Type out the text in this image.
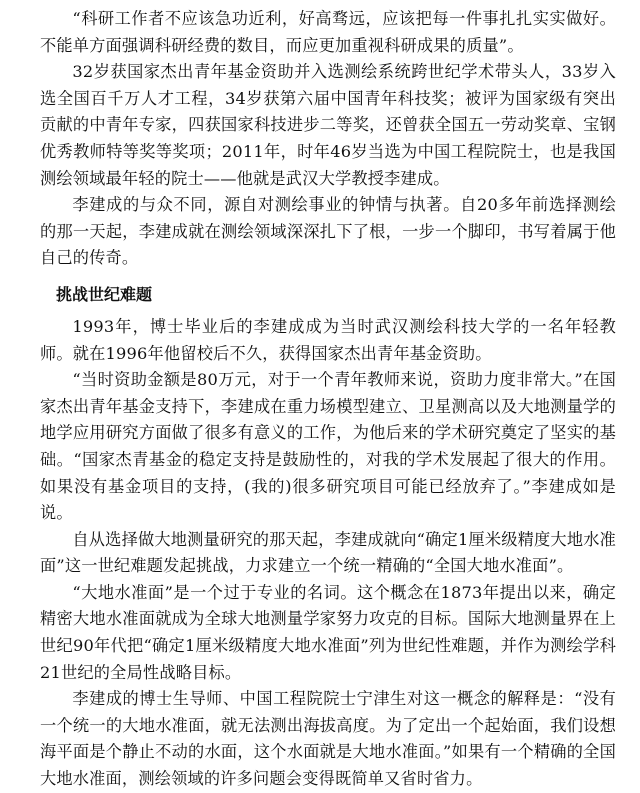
“科研工作者不应该急功近利，好高骛远，应该把每一件事扎扎实实做好。不能单方面强调科研经费的数目，而应更加重视科研成果的质量”。

32岁获国家杰出青年基金资助并入选测绘系统跨世纪学术带头人，33岁入选全国百千万人才工程，34岁获第六届中国青年科技奖；被评为国家级有突出贡献的中青年专家，四获国家科技进步二等奖，还曾获全国五一劳动奖章、宝钢优秀教师特等奖等奖项；2011年，时年46岁当选为中国工程院院士，也是我国测绘领域最年轻的院士——他就是武汉大学教授李建成。

李建成的与众不同，源自对测绘事业的钟情与执著。自20多年前选择测绘的那一天起，李建成就在测绘领域深深扎下了根，一步一个脚印，书写着属于他自己的传奇。

挑战世纪难题

1993年，博士毕业后的李建成成为当时武汉测绘科技大学的一名年轻教师。就在1996年他留校后不久，获得国家杰出青年基金资助。

“当时资助金额是80万元，对于一个青年教师来说，资助力度非常大。”在国家杰出青年基金支持下，李建成在重力场模型建立、卫星测高以及大地测量学的地学应用研究方面做了很多有意义的工作，为他后来的学术研究奠定了坚实的基础。“国家杰青基金的稳定支持是鼓励性的，对我的学术发展起了很大的作用。如果没有基金项目的支持，(我的)很多研究项目可能已经放弃了。”李建成如是说。

自从选择做大地测量研究的那天起，李建成就向“确定1厘米级精度大地水准面”这一世纪难题发起挑战，力求建立一个统一精确的“全国大地水准面”。

“大地水准面”是一个过于专业的名词。这个概念在1873年提出以来，确定精密大地水准面就成为全球大地测量学家努力攻克的目标。国际大地测量界在上世纪90年代把“确定1厘米级精度大地水准面”列为世纪性难题，并作为测绘学科21世纪的全局性战略目标。

李建成的博士生导师、中国工程院院士宁津生对这一概念的解释是：“没有一个统一的大地水准面，就无法测出海拔高度。为了定出一个起始面，我们设想海平面是个静止不动的水面，这个水面就是大地水准面。”如果有一个精确的全国大地水准面，测绘领域的许多问题会变得既简单又省时省力。
